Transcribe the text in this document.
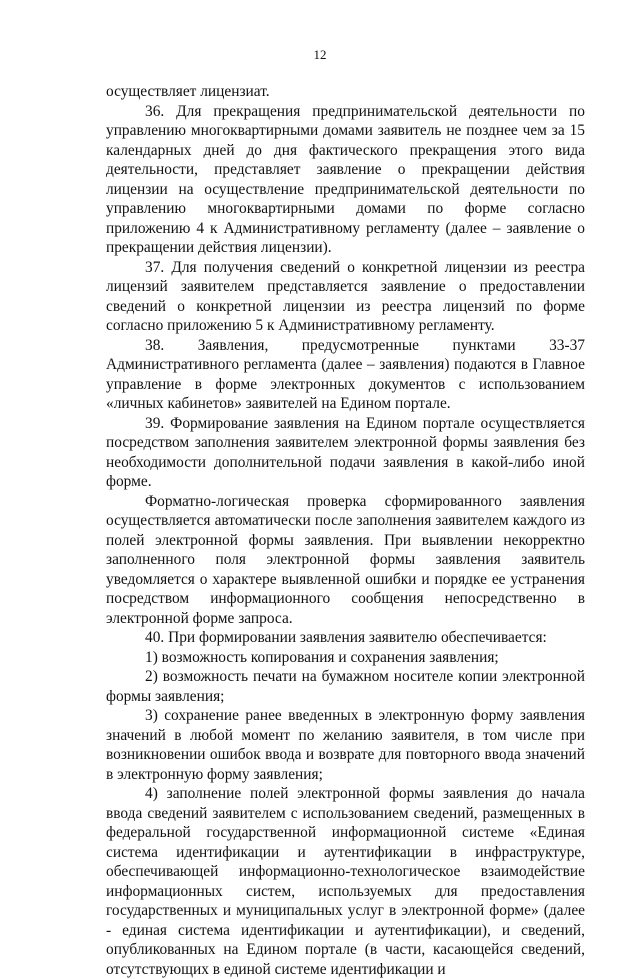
12

осуществляет лицензиат.

36. Для прекращения предпринимательской деятельности по управлению многоквартирными домами заявитель не позднее чем за 15 календарных дней до дня фактического прекращения этого вида деятельности, представляет заявление о прекращении действия лицензии на осуществление предпринимательской деятельности по управлению многоквартирными домами по форме согласно приложению 4 к Административному регламенту (далее – заявление о прекращении действия лицензии).

37. Для получения сведений о конкретной лицензии из реестра лицензий заявителем представляется заявление о предоставлении сведений о конкретной лицензии из реестра лицензий по форме согласно приложению 5 к Административному регламенту.

38. Заявления, предусмотренные пунктами 33-37 Административного регламента (далее – заявления) подаются в Главное управление в форме электронных документов с использованием «личных кабинетов» заявителей на Едином портале.

39. Формирование заявления на Едином портале осуществляется посредством заполнения заявителем электронной формы заявления без необходимости дополнительной подачи заявления в какой-либо иной форме.

Форматно-логическая проверка сформированного заявления осуществляется автоматически после заполнения заявителем каждого из полей электронной формы заявления. При выявлении некорректно заполненного поля электронной формы заявления заявитель уведомляется о характере выявленной ошибки и порядке ее устранения посредством информационного сообщения непосредственно в электронной форме запроса.

40. При формировании заявления заявителю обеспечивается:

1) возможность копирования и сохранения заявления;

2) возможность печати на бумажном носителе копии электронной формы заявления;

3) сохранение ранее введенных в электронную форму заявления значений в любой момент по желанию заявителя, в том числе при возникновении ошибок ввода и возврате для повторного ввода значений в электронную форму заявления;

4) заполнение полей электронной формы заявления до начала ввода сведений заявителем с использованием сведений, размещенных в федеральной государственной информационной системе «Единая система идентификации и аутентификации в инфраструктуре, обеспечивающей информационно-технологическое взаимодействие информационных систем, используемых для предоставления государственных и муниципальных услуг в электронной форме» (далее - единая система идентификации и аутентификации), и сведений, опубликованных на Едином портале (в части, касающейся сведений, отсутствующих в единой системе идентификации и
